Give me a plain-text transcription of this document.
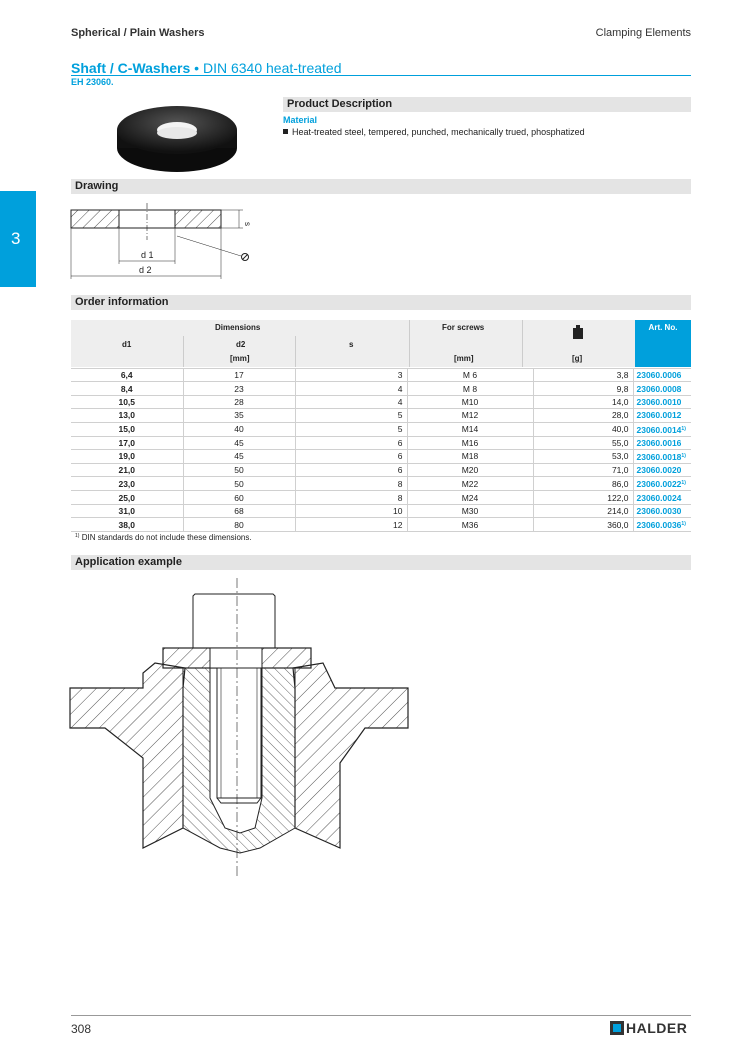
Spherical / Plain Washers	Clamping Elements
3
Shaft / C-Washers • DIN 6340 heat-treated
EH 23060.
Product Description
Material
Heat-treated steel, tempered, punched, mechanically trued, phosphatized
Drawing
s
d 1
d 2
Order information
Dimensions	For screws	Art. No.
d1	d2	s
[mm]	[mm]	[g]
6,4	17	3	M 6	3,8	23060.0006
8,4	23	4	M 8	9,8	23060.0008
10,5	28	4	M10	14,0	23060.0010
13,0	35	5	M12	28,0	23060.0012
15,0	40	5	M14	40,0	23060.0014$^{1)}$
17,0	45	6	M16	55,0	23060.0016
19,0	45	6	M18	53,0	23060.0018$^{1)}$
21,0	50	6	M20	71,0	23060.0020
23,0	50	8	M22	86,0	23060.0022$^{1)}$
25,0	60	8	M24	122,0	23060.0024
31,0	68	10	M30	214,0	23060.0030
38,0	80	12	M36	360,0	23060.0036$^{1)}$
$^{1)}$ DIN standards do not include these dimensions.
Application example
308	HALDER
